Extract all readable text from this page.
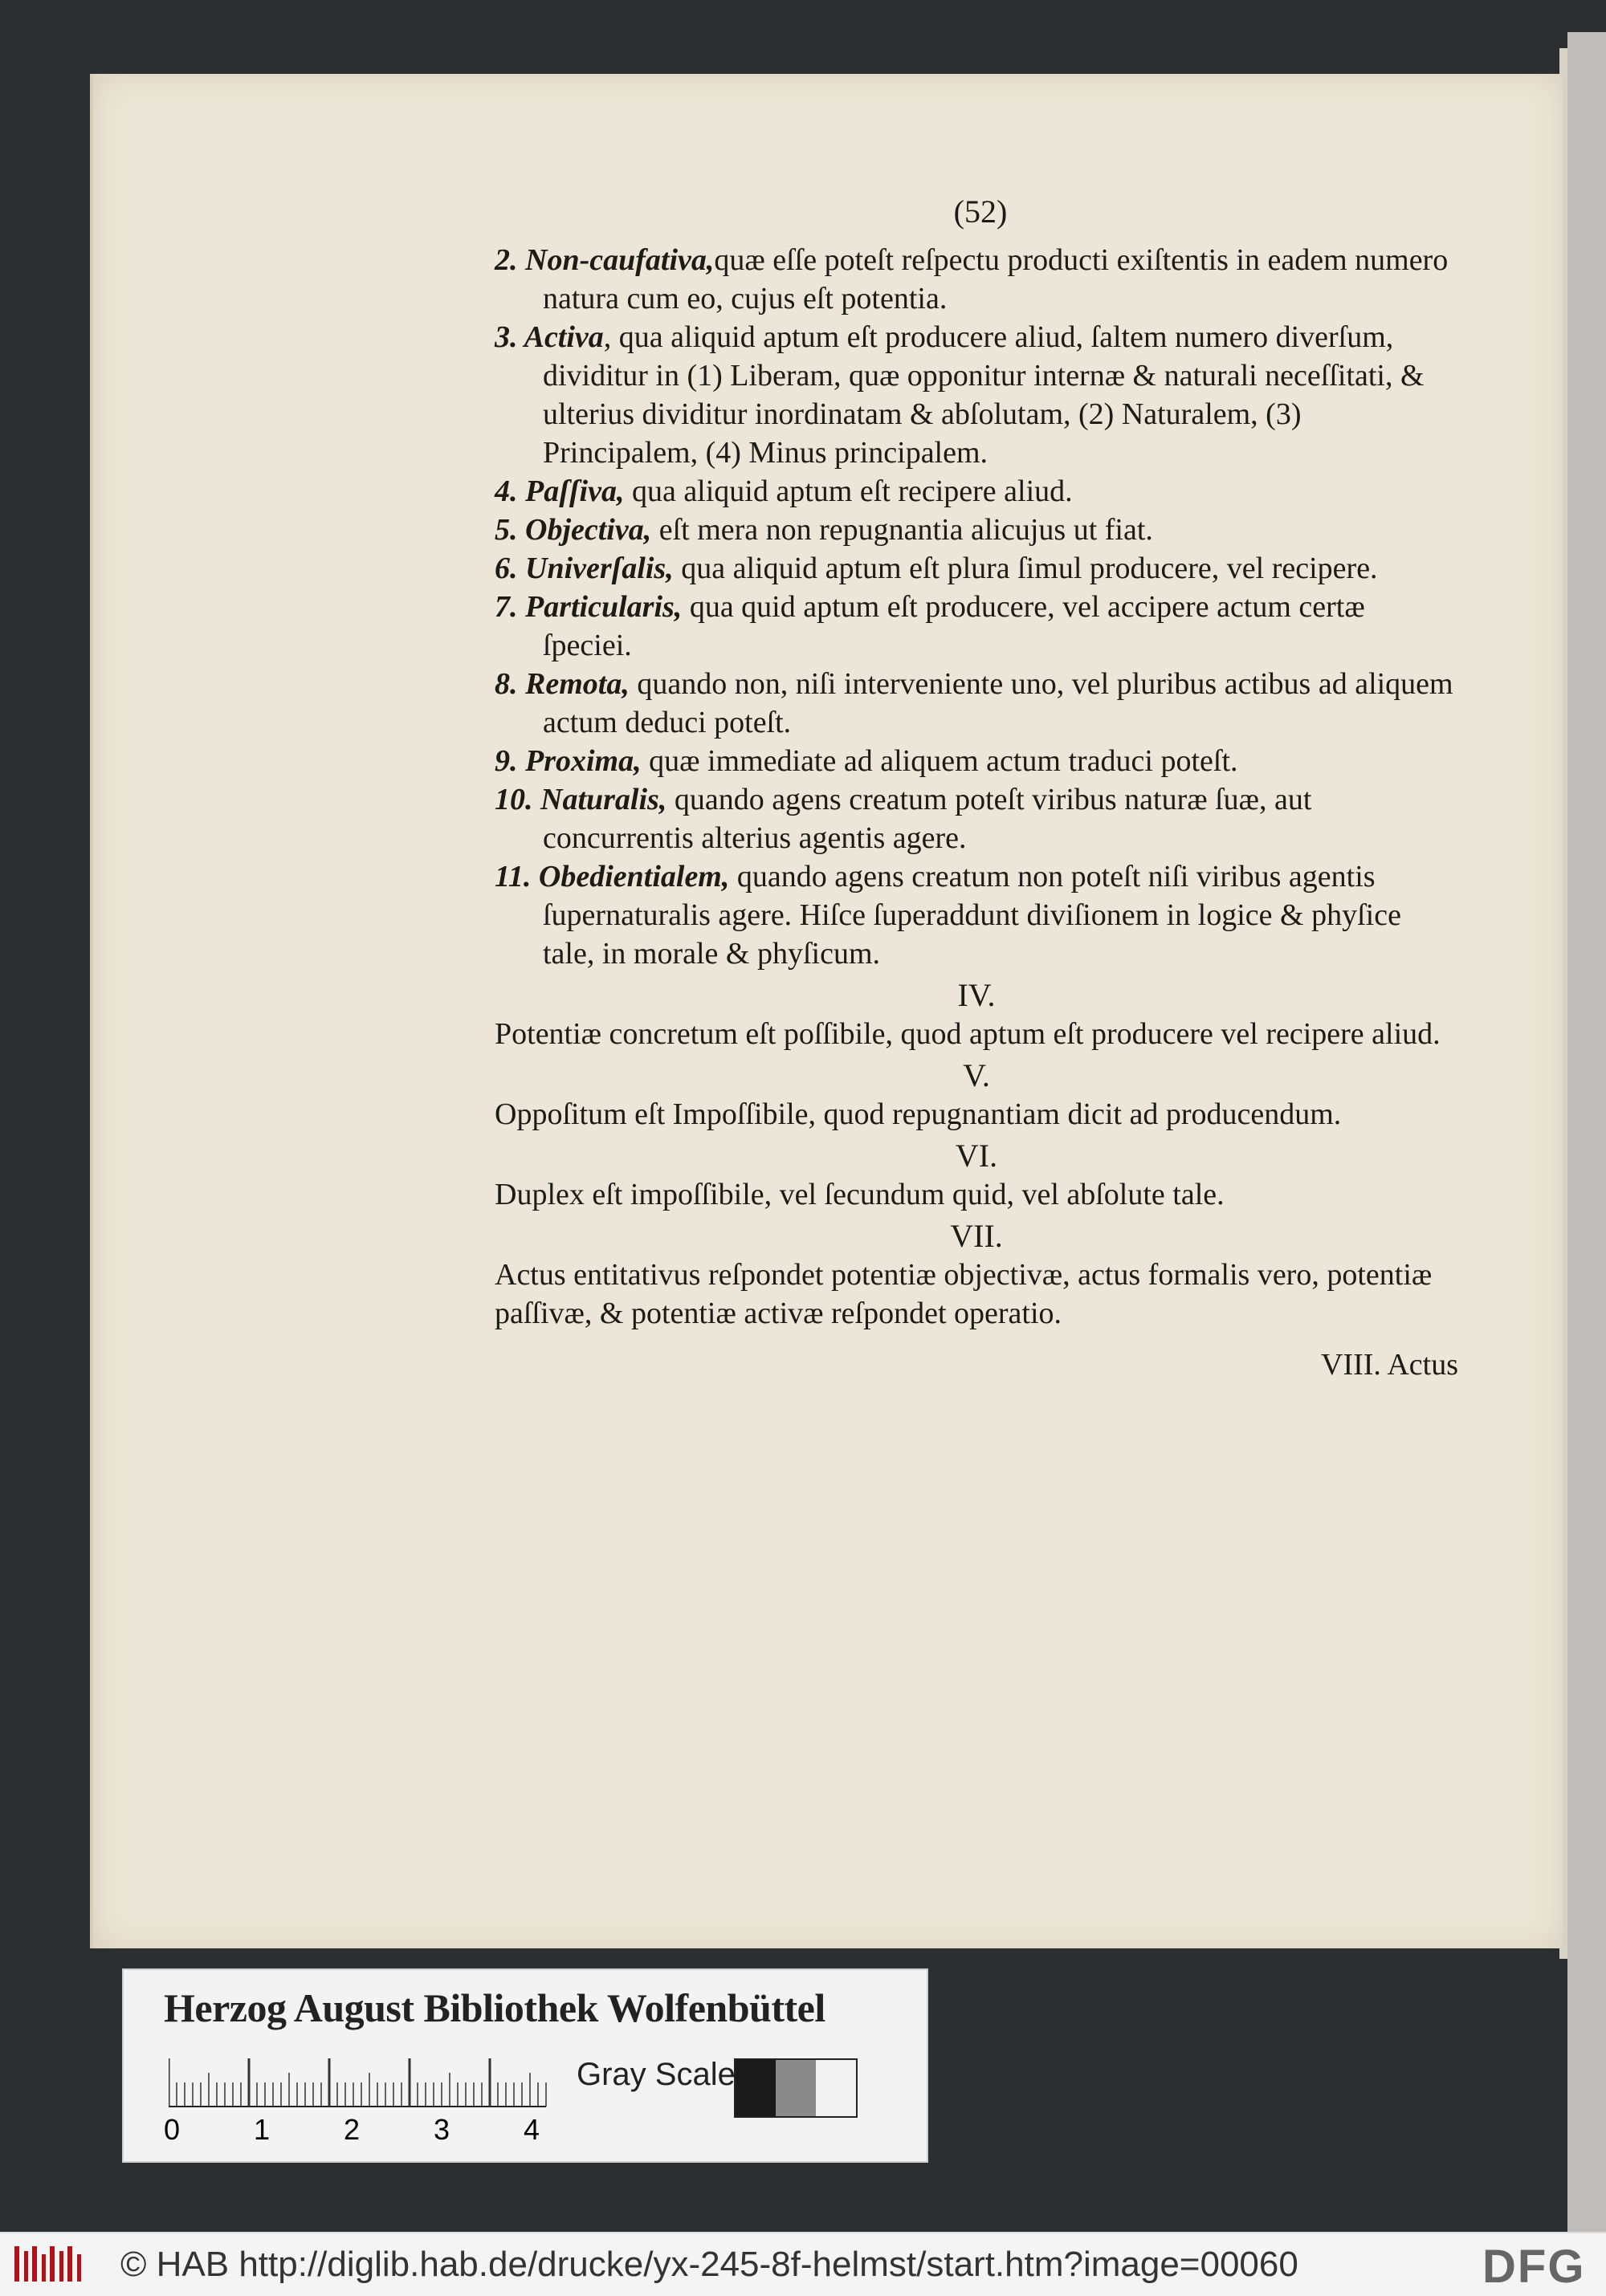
(52)

2. Non-caufativa,quæ eſſe poteſt reſpectu producti exiſtentis in eadem numero natura cum eo, cujus eſt potentia.

3. Activa, qua aliquid aptum eſt producere aliud, ſaltem numero diverſum, dividitur in (1) Liberam, quæ opponitur internæ & naturali neceſſitati, & ulterius dividitur inordinatam & abſolutam, (2) Naturalem, (3) Principalem, (4) Minus principalem.

4. Paſſiva, qua aliquid aptum eſt recipere aliud.

5. Objectiva, eſt mera non repugnantia alicujus ut fiat.

6. Univerſalis, qua aliquid aptum eſt plura ſimul producere, vel recipere.

7. Particularis, qua quid aptum eſt producere, vel accipere actum certæ ſpeciei.

8. Remota, quando non, niſi interveniente uno, vel pluribus actibus ad aliquem actum deduci poteſt.

9. Proxima, quæ immediate ad aliquem actum traduci poteſt.

10. Naturalis, quando agens creatum poteſt viribus naturæ ſuæ, aut concurrentis alterius agentis agere.

11. Obedientialem, quando agens creatum non poteſt niſi viribus agentis ſupernaturalis agere. Hiſce ſuperaddunt diviſionem in logice & phyſice tale, in morale & phyſicum.

IV.

Potentiæ concretum eſt poſſibile, quod aptum eſt producere vel recipere aliud.

V.

Oppoſitum eſt Impoſſibile, quod repugnantiam dicit ad producendum.

VI.

Duplex eſt impoſſibile, vel ſecundum quid, vel abſolute tale.

VII.

Actus entitativus reſpondet potentiæ objectivæ, actus formalis vero, potentiæ paſſivæ, & potentiæ activæ reſpondet operatio.

VIII. Actus
Herzog August Bibliothek Wolfenbüttel
0	1	2	3	4
Gray Scale
© HAB http://diglib.hab.de/drucke/yx-245-8f-helmst/start.htm?image=00060	DFG
